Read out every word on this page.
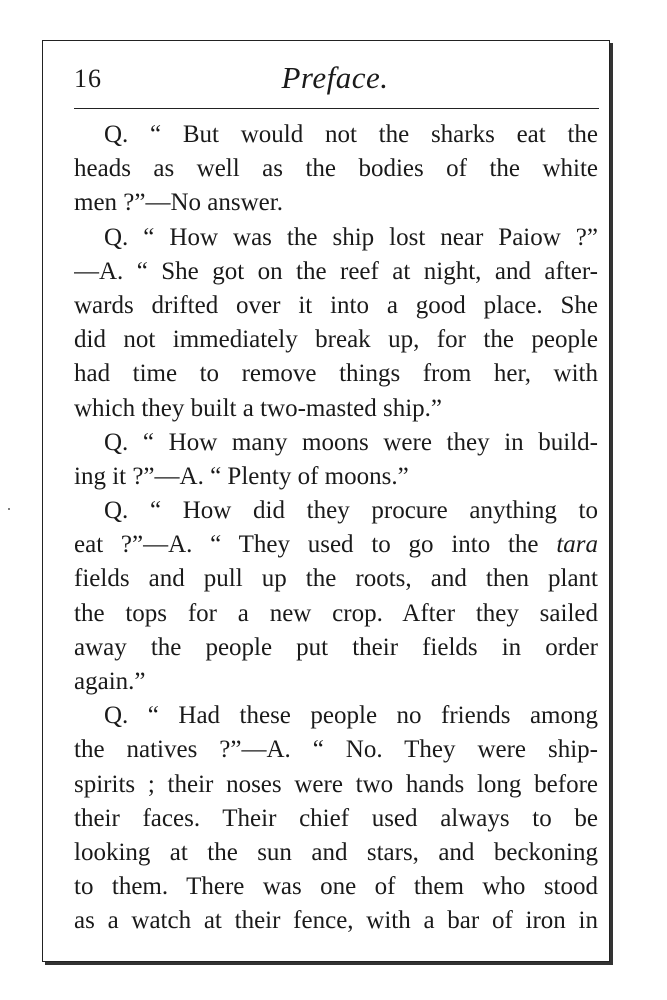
16	Preface.
Q. “ But would not the sharks eat the
heads as well as the bodies of the white
men ?”—No answer.
Q. “ How was the ship lost near Paiow ?”
—A. “ She got on the reef at night, and after-
wards drifted over it into a good place. She
did not immediately break up, for the people
had time to remove things from her, with
which they built a two-masted ship.”
Q. “ How many moons were they in build-
ing it ?”—A. “ Plenty of moons.”
Q. “ How did they procure anything to
eat ?”—A. “ They used to go into the tara
fields and pull up the roots, and then plant
the tops for a new crop. After they sailed
away the people put their fields in order
again.”
Q. “ Had these people no friends among
the natives ?”—A. “ No. They were ship-
spirits ; their noses were two hands long before
their faces. Their chief used always to be
looking at the sun and stars, and beckoning
to them. There was one of them who stood
as a watch at their fence, with a bar of iron in
